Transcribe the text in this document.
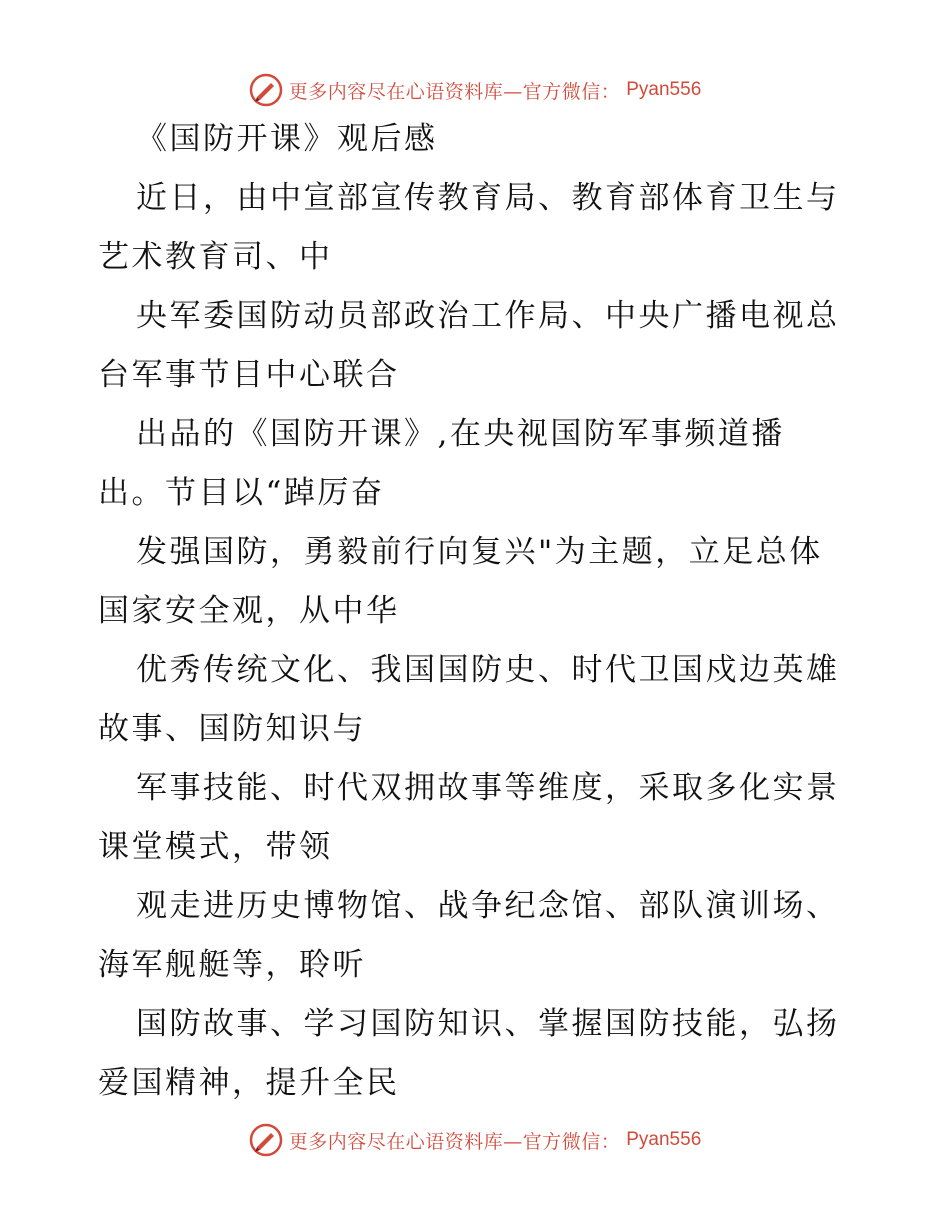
更多内容尽在心语资料库—官方微信： Pyan556
《国防开课》观后感
近日，由中宣部宣传教育局、教育部体育卫生与
艺术教育司、中
央军委国防动员部政治工作局、中央广播电视总
台军事节目中心联合
出品的《国防开课》,在央视国防军事频道播
出。节目以“踔厉奋
发强国防，勇毅前行向复兴"为主题，立足总体
国家安全观，从中华
优秀传统文化、我国国防史、时代卫国戍边英雄
故事、国防知识与
军事技能、时代双拥故事等维度，采取多化实景
课堂模式，带领
观走进历史博物馆、战争纪念馆、部队演训场、
海军舰艇等，聆听
国防故事、学习国防知识、掌握国防技能，弘扬
爱国精神，提升全民
更多内容尽在心语资料库—官方微信： Pyan556
